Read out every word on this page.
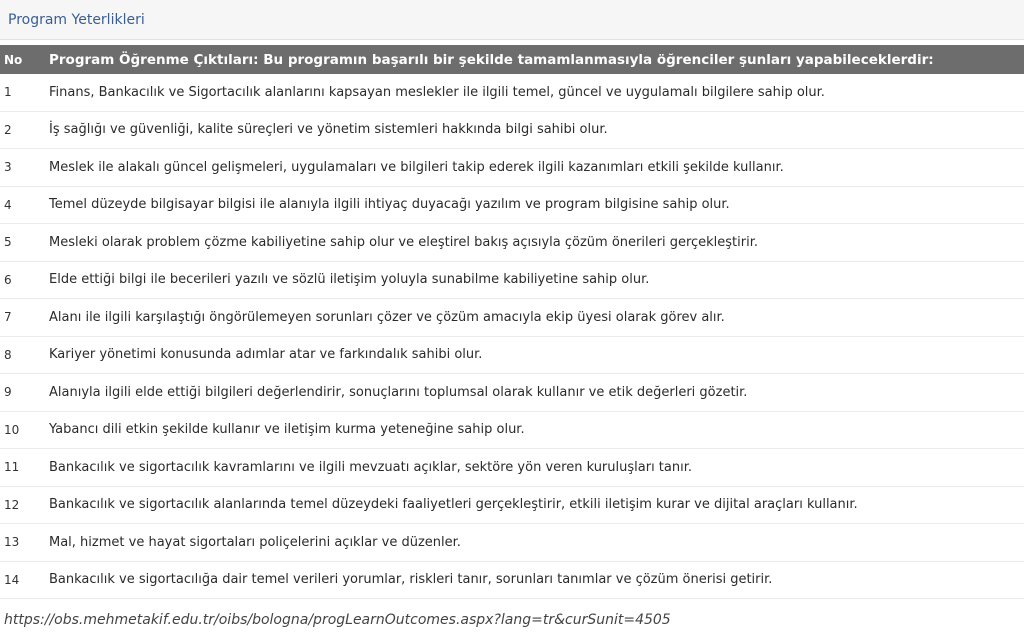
Program Yeterlikleri
No	Program Öğrenme Çıktıları: Bu programın başarılı bir şekilde tamamlanmasıyla öğrenciler şunları yapabileceklerdir:
1	Finans, Bankacılık ve Sigortacılık alanlarını kapsayan meslekler ile ilgili temel, güncel ve uygulamalı bilgilere sahip olur.
2	İş sağlığı ve güvenliği, kalite süreçleri ve yönetim sistemleri hakkında bilgi sahibi olur.
3	Meslek ile alakalı güncel gelişmeleri, uygulamaları ve bilgileri takip ederek ilgili kazanımları etkili şekilde kullanır.
4	Temel düzeyde bilgisayar bilgisi ile alanıyla ilgili ihtiyaç duyacağı yazılım ve program bilgisine sahip olur.
5	Mesleki olarak problem çözme kabiliyetine sahip olur ve eleştirel bakış açısıyla çözüm önerileri gerçekleştirir.
6	Elde ettiği bilgi ile becerileri yazılı ve sözlü iletişim yoluyla sunabilme kabiliyetine sahip olur.
7	Alanı ile ilgili karşılaştığı öngörülemeyen sorunları çözer ve çözüm amacıyla ekip üyesi olarak görev alır.
8	Kariyer yönetimi konusunda adımlar atar ve farkındalık sahibi olur.
9	Alanıyla ilgili elde ettiği bilgileri değerlendirir, sonuçlarını toplumsal olarak kullanır ve etik değerleri gözetir.
10	Yabancı dili etkin şekilde kullanır ve iletişim kurma yeteneğine sahip olur.
11	Bankacılık ve sigortacılık kavramlarını ve ilgili mevzuatı açıklar, sektöre yön veren kuruluşları tanır.
12	Bankacılık ve sigortacılık alanlarında temel düzeydeki faaliyetleri gerçekleştirir, etkili iletişim kurar ve dijital araçları kullanır.
13	Mal, hizmet ve hayat sigortaları poliçelerini açıklar ve düzenler.
14	Bankacılık ve sigortacılığa dair temel verileri yorumlar, riskleri tanır, sorunları tanımlar ve çözüm önerisi getirir.
https://obs.mehmetakif.edu.tr/oibs/bologna/progLearnOutcomes.aspx?lang=tr&curSunit=4505
